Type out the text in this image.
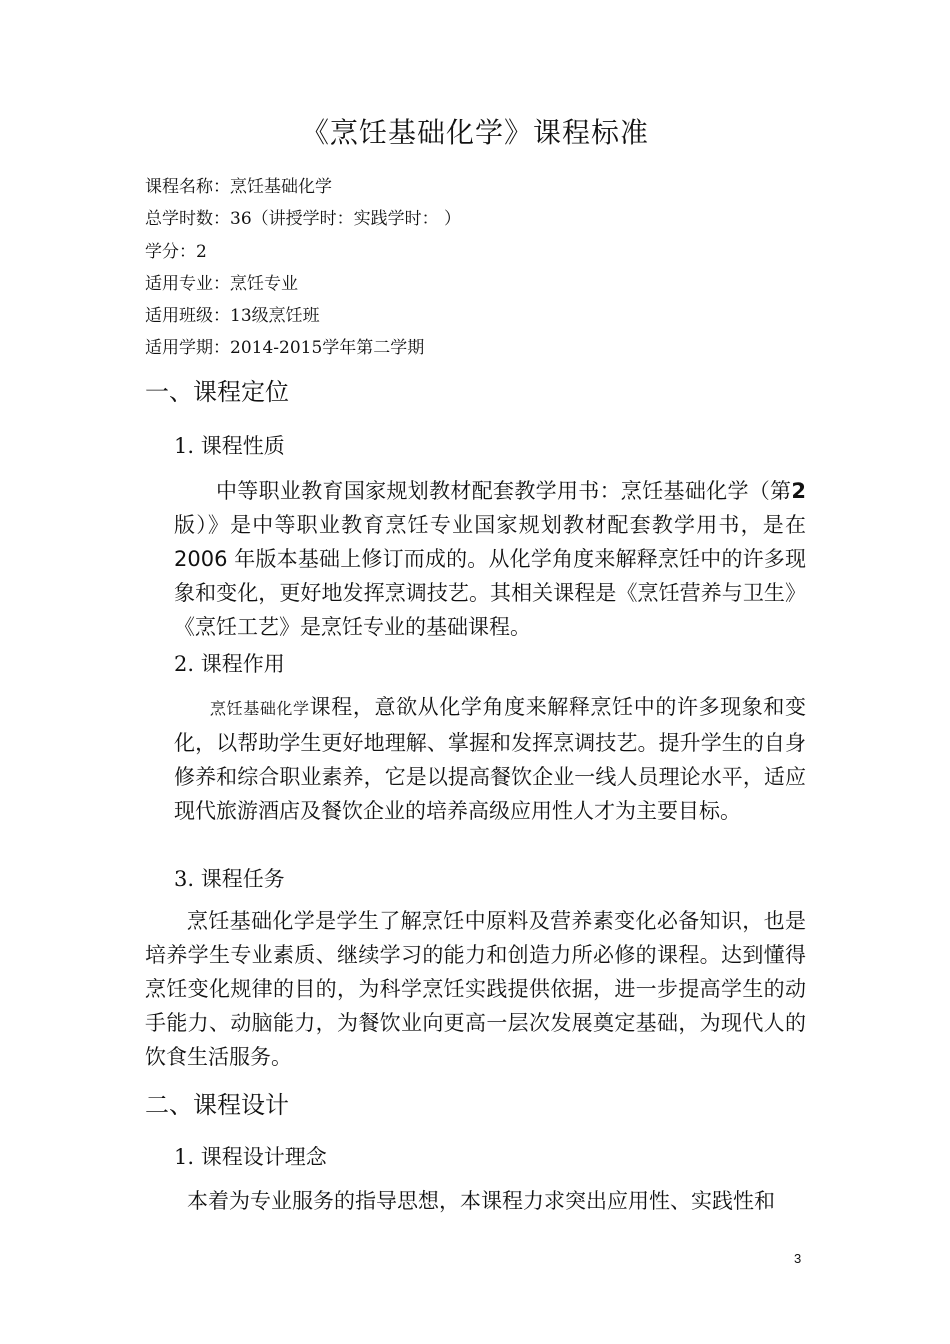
《烹饪基础化学》课程标准
课程名称：烹饪基础化学
总学时数：36（讲授学时：实践学时： ）
学分：2
适用专业：烹饪专业
适用班级：13级烹饪班
适用学期：2014-2015学年第二学期
一、课程定位
1. 课程性质
中等职业教育国家规划教材配套教学用书：烹饪基础化学（第2 版）》是中等职业教育烹饪专业国家规划教材配套教学用书，是在2006 年版本基础上修订而成的。从化学角度来解释烹饪中的许多现象和变化，更好地发挥烹调技艺。其相关课程是《烹饪营养与卫生》《烹饪工艺》是烹饪专业的基础课程。
2. 课程作用
烹饪基础化学课程，意欲从化学角度来解释烹饪中的许多现象和变化，以帮助学生更好地理解、掌握和发挥烹调技艺。提升学生的自身修养和综合职业素养，它是以提高餐饮企业一线人员理论水平，适应现代旅游酒店及餐饮企业的培养高级应用性人才为主要目标。
3. 课程任务
烹饪基础化学是学生了解烹饪中原料及营养素变化必备知识，也是培养学生专业素质、继续学习的能力和创造力所必修的课程。达到懂得烹饪变化规律的目的，为科学烹饪实践提供依据，进一步提高学生的动手能力、动脑能力，为餐饮业向更高一层次发展奠定基础，为现代人的饮食生活服务。
二、课程设计
1. 课程设计理念
本着为专业服务的指导思想，本课程力求突出应用性、实践性和
3
